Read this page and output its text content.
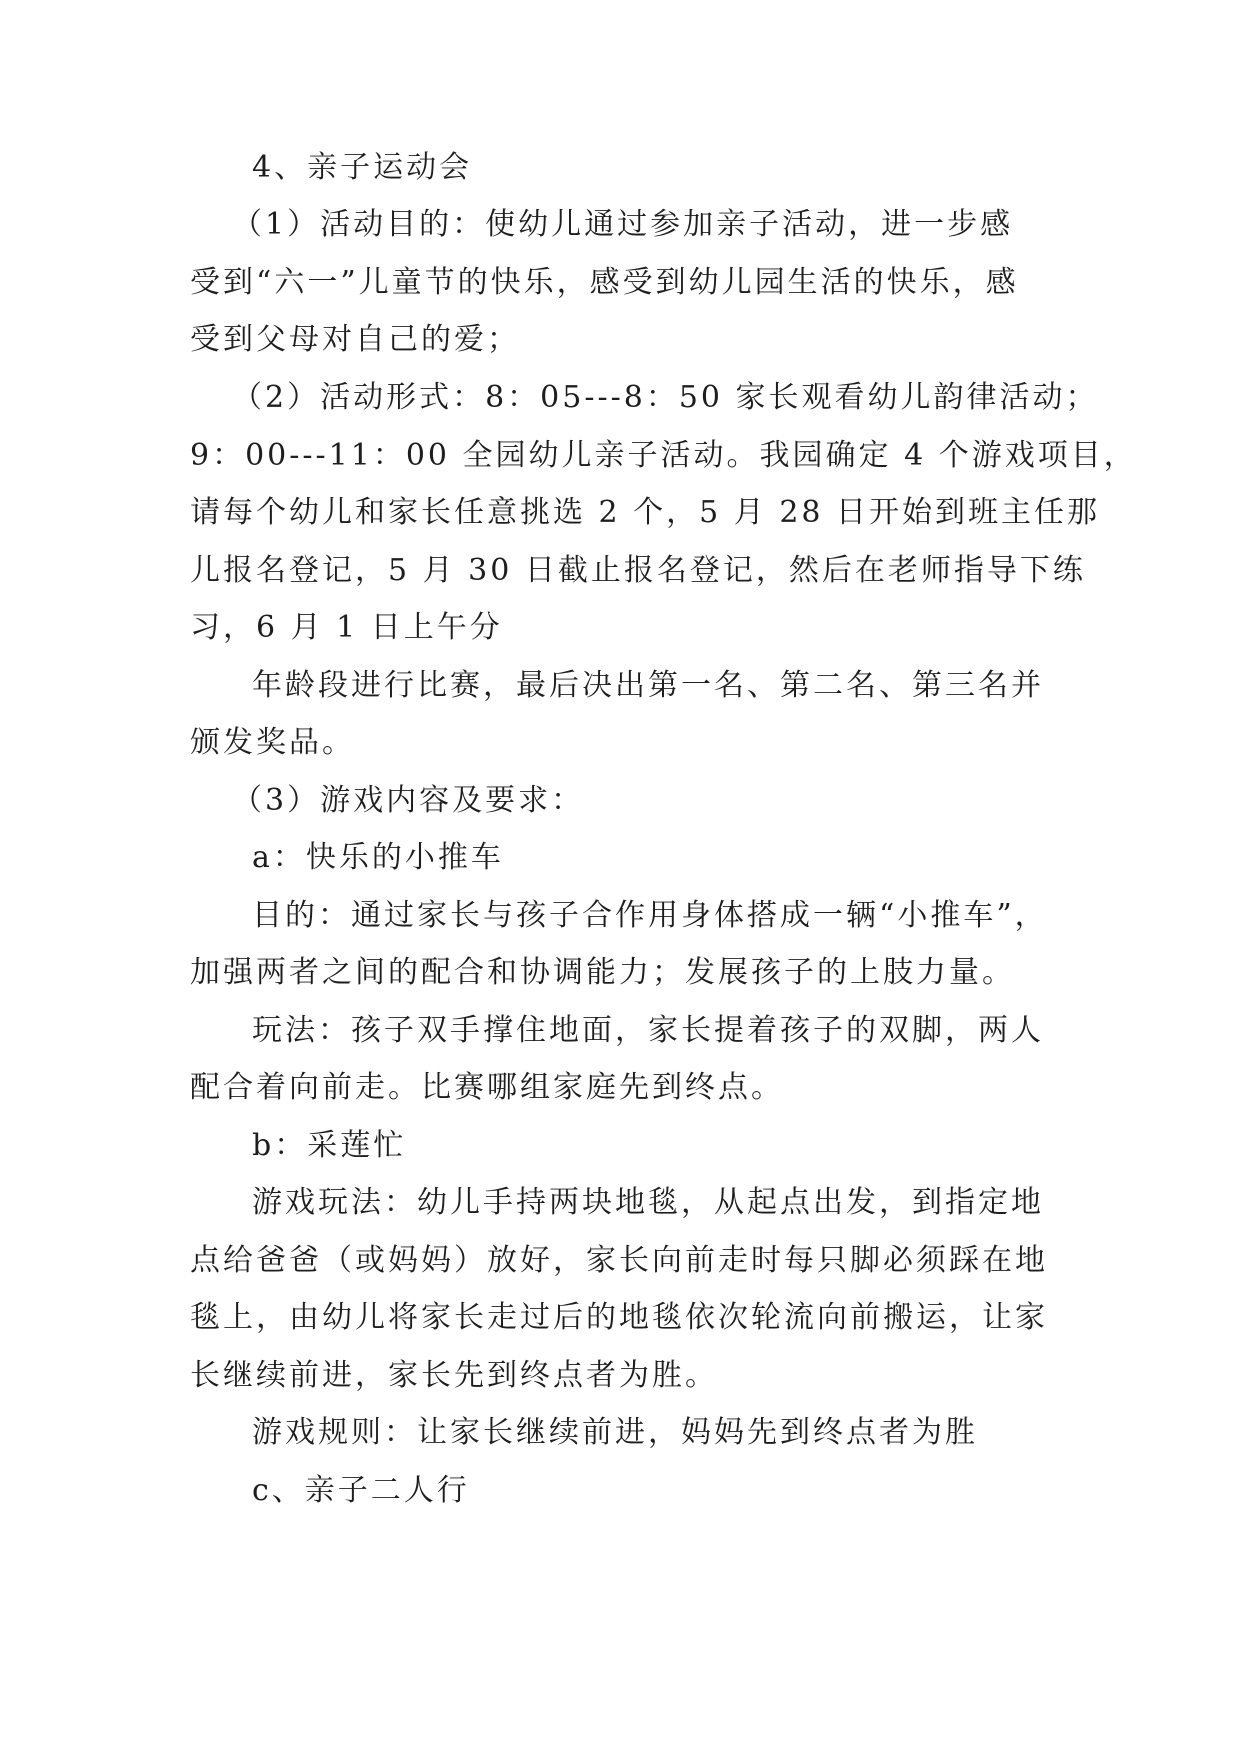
4、亲子运动会
（1）活动目的：使幼儿通过参加亲子活动，进一步感
受到“六一”儿童节的快乐，感受到幼儿园生活的快乐，感
受到父母对自己的爱；
（2）活动形式：8：05---8：50 家长观看幼儿韵律活动；
9：00---11：00 全园幼儿亲子活动。我园确定 4 个游戏项目，
请每个幼儿和家长任意挑选 2 个，5 月 28 日开始到班主任那
儿报名登记，5 月 30 日截止报名登记，然后在老师指导下练
习，6 月 1 日上午分
年龄段进行比赛，最后决出第一名、第二名、第三名并
颁发奖品。
（3）游戏内容及要求：
a：快乐的小推车
目的：通过家长与孩子合作用身体搭成一辆“小推车”，
加强两者之间的配合和协调能力；发展孩子的上肢力量。
玩法：孩子双手撑住地面，家长提着孩子的双脚，两人
配合着向前走。比赛哪组家庭先到终点。
b：采莲忙
游戏玩法：幼儿手持两块地毯，从起点出发，到指定地
点给爸爸（或妈妈）放好，家长向前走时每只脚必须踩在地
毯上，由幼儿将家长走过后的地毯依次轮流向前搬运，让家
长继续前进，家长先到终点者为胜。
游戏规则：让家长继续前进，妈妈先到终点者为胜
c、亲子二人行
